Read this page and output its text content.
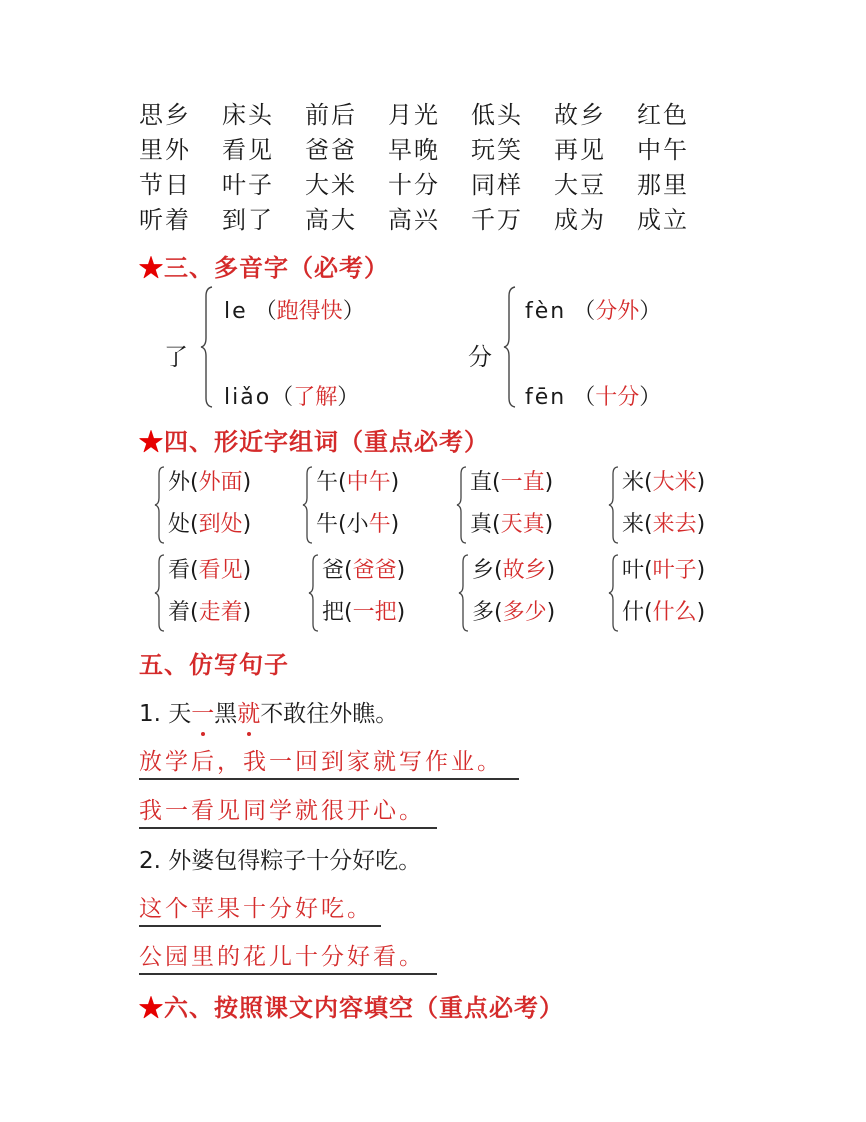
思乡	床头	前后	月光	低头	故乡	红色
里外	看见	爸爸	早晚	玩笑	再见	中午
节日	叶子	大米	十分	同样	大豆	那里
听着	到了	高大	高兴	千万	成为	成立
★三、多音字（必考）
了
le （跑得快）
liǎo（了解）
分
fèn （分外）
fēn （十分）
★四、形近字组词（重点必考）
外(外面)
处(到处)
午(中午)
牛(小牛)
直(一直)
真(天真)
米(大米)
来(来去)
看(看见)
着(走着)
爸(爸爸)
把(一把)
乡(故乡)
多(多少)
叶(叶子)
什(什么)
五、仿写句子
1. 天一黑就不敢往外瞧。
放学后，我一回到家就写作业。
我一看见同学就很开心。
2. 外婆包得粽子十分好吃。
这个苹果十分好吃。
公园里的花儿十分好看。
★六、按照课文内容填空（重点必考）
